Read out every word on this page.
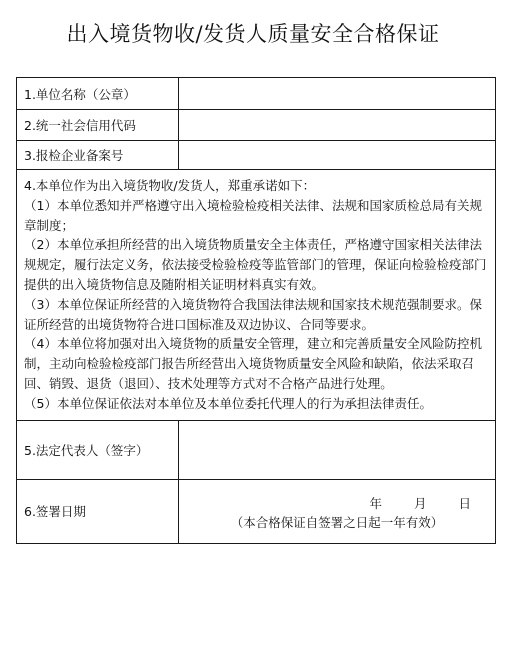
出入境货物收/发货人质量安全合格保证
1.单位名称（公章）
2.统一社会信用代码
3.报检企业备案号

4.本单位作为出入境货物收/发货人，郑重承诺如下：

（1）本单位悉知并严格遵守出入境检验检疫相关法律、法规和国家质检总局有关规章制度；

（2）本单位承担所经营的出入境货物质量安全主体责任，严格遵守国家相关法律法规规定，履行法定义务，依法接受检验检疫等监管部门的管理，保证向检验检疫部门提供的出入境货物信息及随附相关证明材料真实有效。

（3）本单位保证所经营的入境货物符合我国法律法规和国家技术规范强制要求。保证所经营的出境货物符合进口国标准及双边协议、合同等要求。

（4）本单位将加强对出入境货物的质量安全管理，建立和完善质量安全风险防控机制，主动向检验检疫部门报告所经营出入境货物质量安全风险和缺陷，依法采取召回、销毁、退货（退回）、技术处理等方式对不合格产品进行处理。

（5）本单位保证依法对本单位及本单位委托代理人的行为承担法律责任。

5.法定代表人（签字）
6.签署日期
年	月	日
（本合格保证自签署之日起一年有效）
